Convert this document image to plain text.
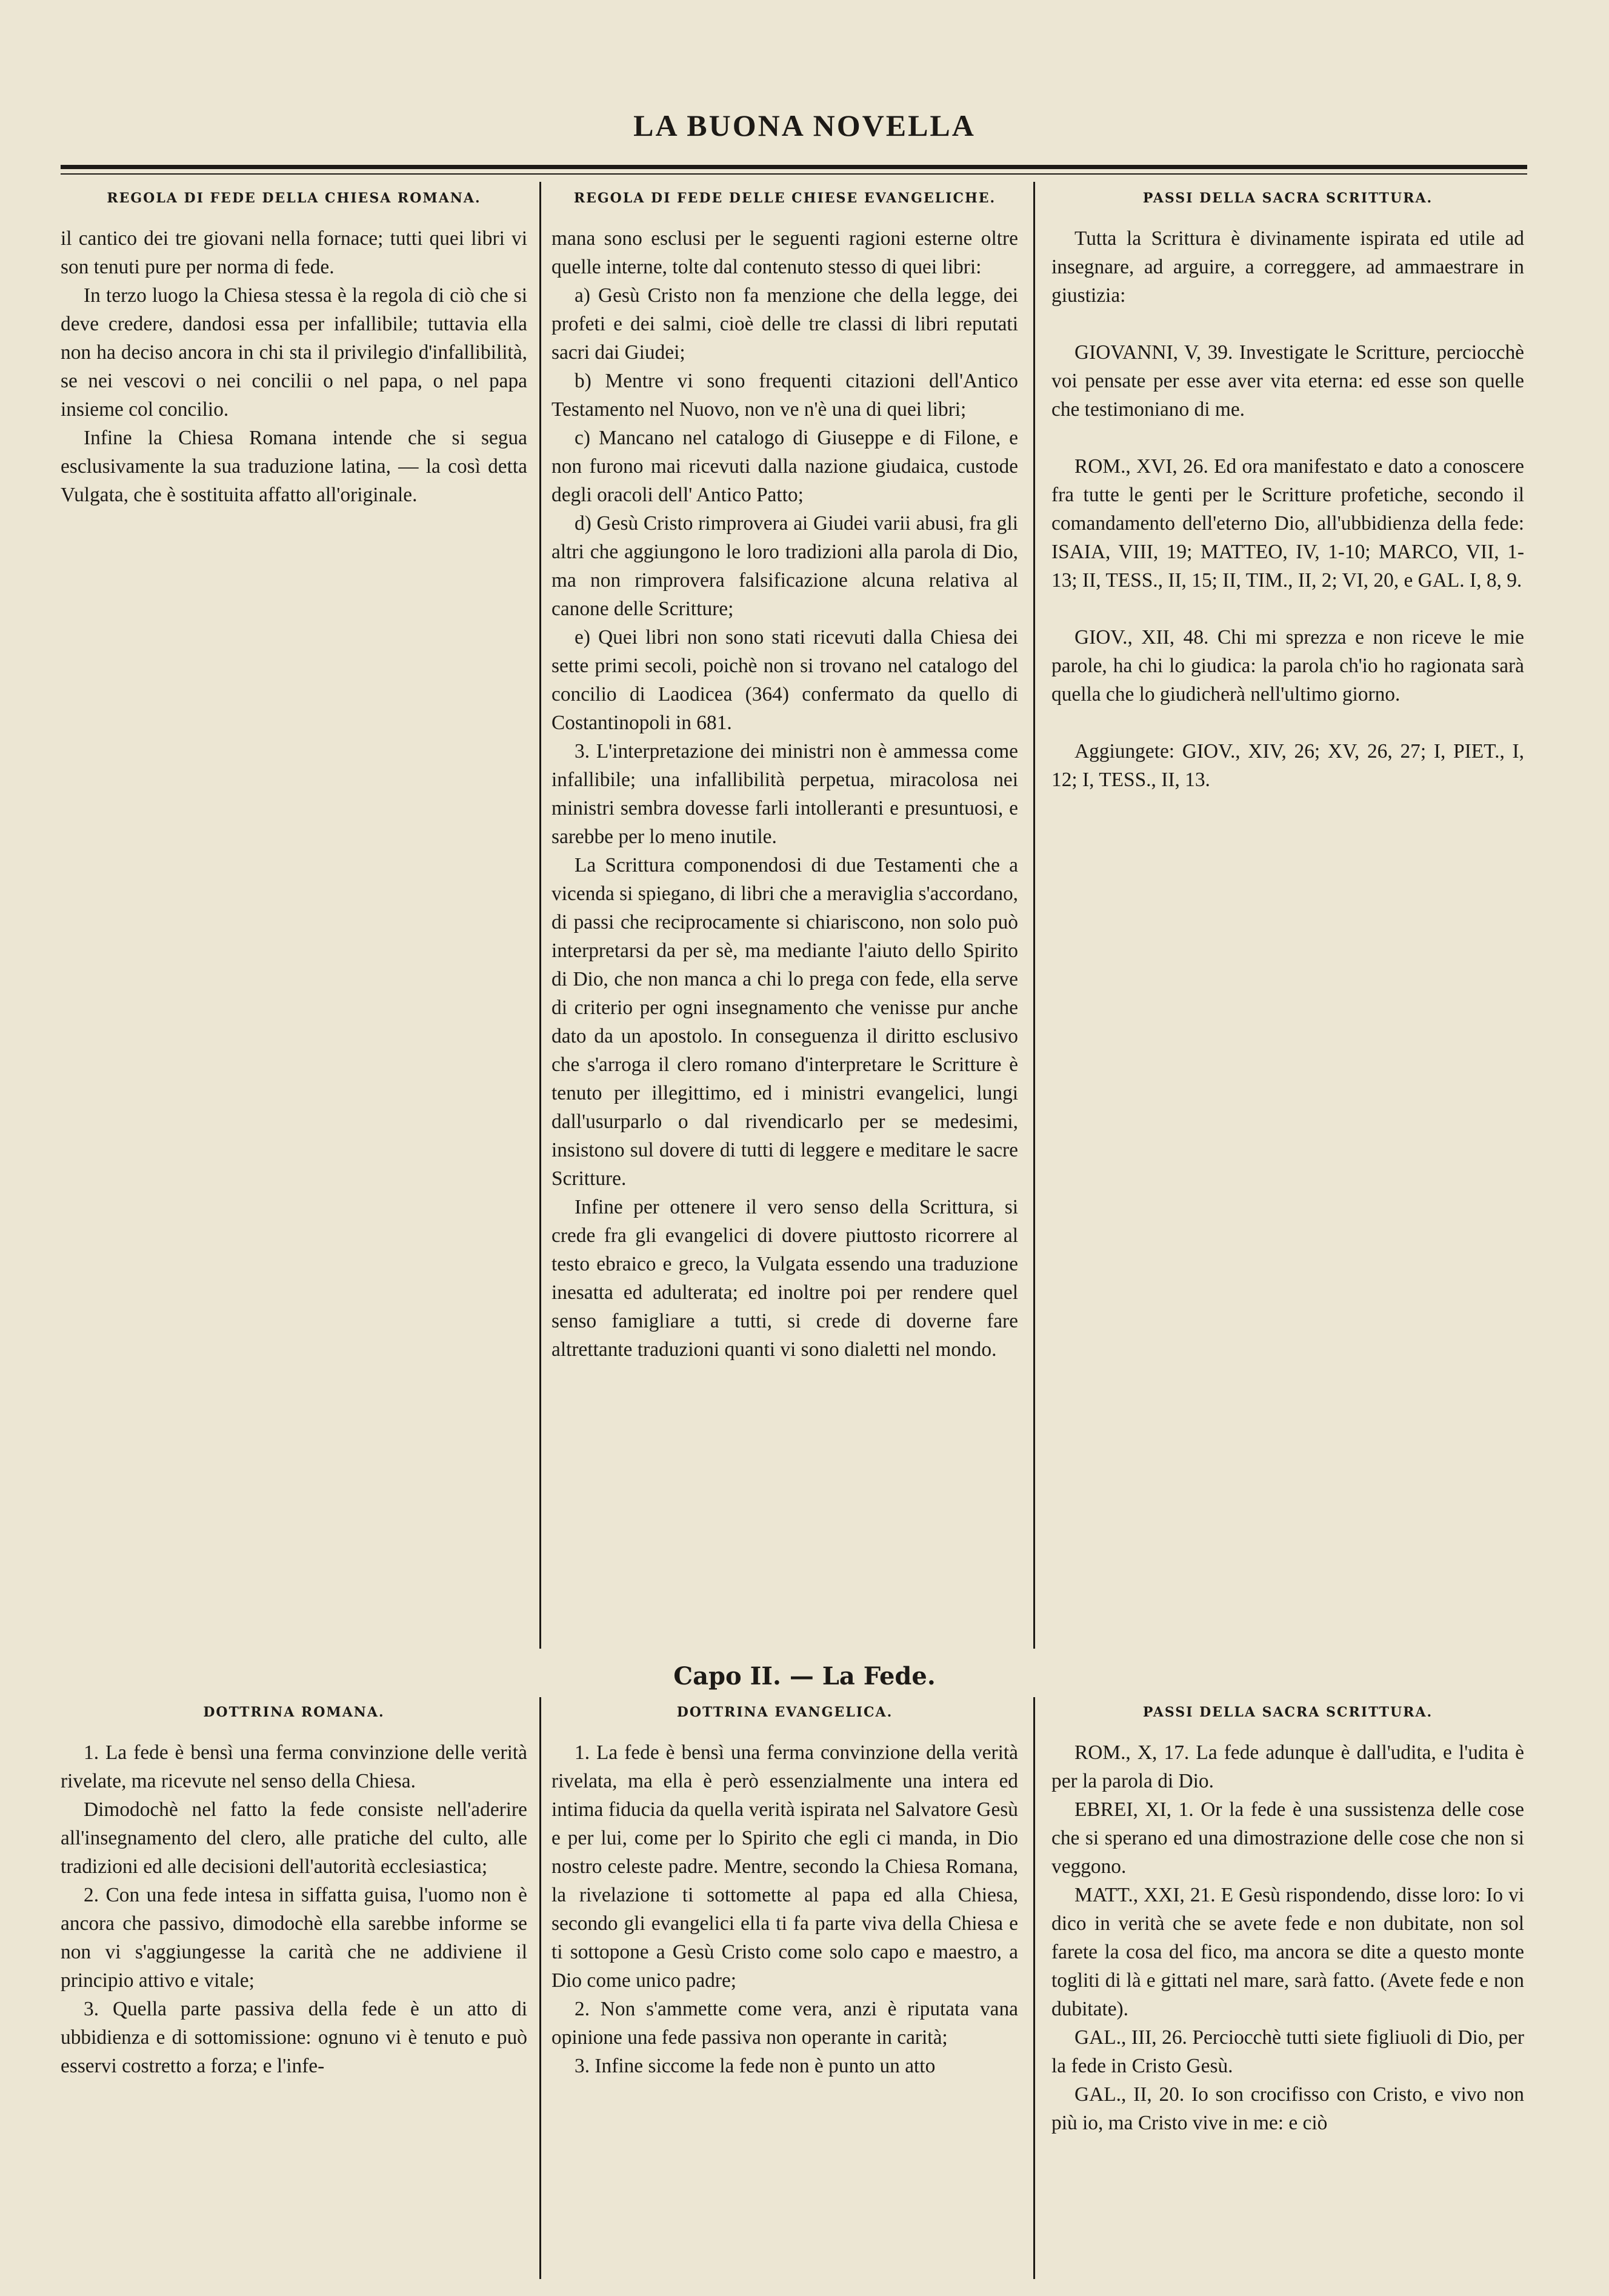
LA BUONA NOVELLA
REGOLA DI FEDE DELLA CHIESA ROMANA.

il cantico dei tre giovani nella fornace; tutti quei libri vi son tenuti pure per norma di fede.

In terzo luogo la Chiesa stessa è la regola di ciò che si deve credere, dandosi essa per infallibile; tuttavia ella non ha deciso ancora in chi sta il privilegio d'infallibilità, se nei vescovi o nei concilii o nel papa, o nel papa insieme col concilio.

Infine la Chiesa Romana intende che si segua esclusivamente la sua traduzione latina, — la così detta Vulgata, che è sostituita affatto all'originale.

REGOLA DI FEDE DELLE CHIESE EVANGELICHE.

mana sono esclusi per le seguenti ragioni esterne oltre quelle interne, tolte dal contenuto stesso di quei libri:

a) Gesù Cristo non fa menzione che della legge, dei profeti e dei salmi, cioè delle tre classi di libri reputati sacri dai Giudei;

b) Mentre vi sono frequenti citazioni dell'Antico Testamento nel Nuovo, non ve n'è una di quei libri;

c) Mancano nel catalogo di Giuseppe e di Filone, e non furono mai ricevuti dalla nazione giudaica, custode degli oracoli dell' Antico Patto;

d) Gesù Cristo rimprovera ai Giudei varii abusi, fra gli altri che aggiungono le loro tradizioni alla parola di Dio, ma non rimprovera falsificazione alcuna relativa al canone delle Scritture;

e) Quei libri non sono stati ricevuti dalla Chiesa dei sette primi secoli, poichè non si trovano nel catalogo del concilio di Laodicea (364) confermato da quello di Costantinopoli in 681.

3. L'interpretazione dei ministri non è ammessa come infallibile; una infallibilità perpetua, miracolosa nei ministri sembra dovesse farli intolleranti e presuntuosi, e sarebbe per lo meno inutile.

La Scrittura componendosi di due Testamenti che a vicenda si spiegano, di libri che a meraviglia s'accordano, di passi che reciprocamente si chiariscono, non solo può interpretarsi da per sè, ma mediante l'aiuto dello Spirito di Dio, che non manca a chi lo prega con fede, ella serve di criterio per ogni insegnamento che venisse pur anche dato da un apostolo. In conseguenza il diritto esclusivo che s'arroga il clero romano d'interpretare le Scritture è tenuto per illegittimo, ed i ministri evangelici, lungi dall'usurparlo o dal rivendicarlo per se medesimi, insistono sul dovere di tutti di leggere e meditare le sacre Scritture.

Infine per ottenere il vero senso della Scrittura, si crede fra gli evangelici di dovere piuttosto ricorrere al testo ebraico e greco, la Vulgata essendo una traduzione inesatta ed adulterata; ed inoltre poi per rendere quel senso famigliare a tutti, si crede di doverne fare altrettante traduzioni quanti vi sono dialetti nel mondo.

PASSI DELLA SACRA SCRITTURA.

Tutta la Scrittura è divinamente ispirata ed utile ad insegnare, ad arguire, a correggere, ad ammaestrare in giustizia:

GIOVANNI, V, 39. Investigate le Scritture, perciocchè voi pensate per esse aver vita eterna: ed esse son quelle che testimoniano di me.

ROM., XVI, 26. Ed ora manifestato e dato a conoscere fra tutte le genti per le Scritture profetiche, secondo il comandamento dell'eterno Dio, all'ubbidienza della fede: ISAIA, VIII, 19; MATTEO, IV, 1-10; MARCO, VII, 1-13; II, TESS., II, 15; II, TIM., II, 2; VI, 20, e GAL. I, 8, 9.

GIOV., XII, 48. Chi mi sprezza e non riceve le mie parole, ha chi lo giudica: la parola ch'io ho ragionata sarà quella che lo giudicherà nell'ultimo giorno.

Aggiungete: GIOV., XIV, 26; XV, 26, 27; I, PIET., I, 12; I, TESS., II, 13.

Capo II. — La Fede.
DOTTRINA ROMANA.

1. La fede è bensì una ferma convinzione delle verità rivelate, ma ricevute nel senso della Chiesa.

Dimodochè nel fatto la fede consiste nell'aderire all'insegnamento del clero, alle pratiche del culto, alle tradizioni ed alle decisioni dell'autorità ecclesiastica;

2. Con una fede intesa in siffatta guisa, l'uomo non è ancora che passivo, dimodochè ella sarebbe informe se non vi s'aggiungesse la carità che ne addiviene il principio attivo e vitale;

3. Quella parte passiva della fede è un atto di ubbidienza e di sottomissione: ognuno vi è tenuto e può esservi costretto a forza; e l'infe-

DOTTRINA EVANGELICA.

1. La fede è bensì una ferma convinzione della verità rivelata, ma ella è però essenzialmente una intera ed intima fiducia da quella verità ispirata nel Salvatore Gesù e per lui, come per lo Spirito che egli ci manda, in Dio nostro celeste padre. Mentre, secondo la Chiesa Romana, la rivelazione ti sottomette al papa ed alla Chiesa, secondo gli evangelici ella ti fa parte viva della Chiesa e ti sottopone a Gesù Cristo come solo capo e maestro, a Dio come unico padre;

2. Non s'ammette come vera, anzi è riputata vana opinione una fede passiva non operante in carità;

3. Infine siccome la fede non è punto un atto

PASSI DELLA SACRA SCRITTURA.

ROM., X, 17. La fede adunque è dall'udita, e l'udita è per la parola di Dio.

EBREI, XI, 1. Or la fede è una sussistenza delle cose che si sperano ed una dimostrazione delle cose che non si veggono.

MATT., XXI, 21. E Gesù rispondendo, disse loro: Io vi dico in verità che se avete fede e non dubitate, non sol farete la cosa del fico, ma ancora se dite a questo monte togliti di là e gittati nel mare, sarà fatto. (Avete fede e non dubitate).

GAL., III, 26. Perciocchè tutti siete figliuoli di Dio, per la fede in Cristo Gesù.

GAL., II, 20. Io son crocifisso con Cristo, e vivo non più io, ma Cristo vive in me: e ciò
